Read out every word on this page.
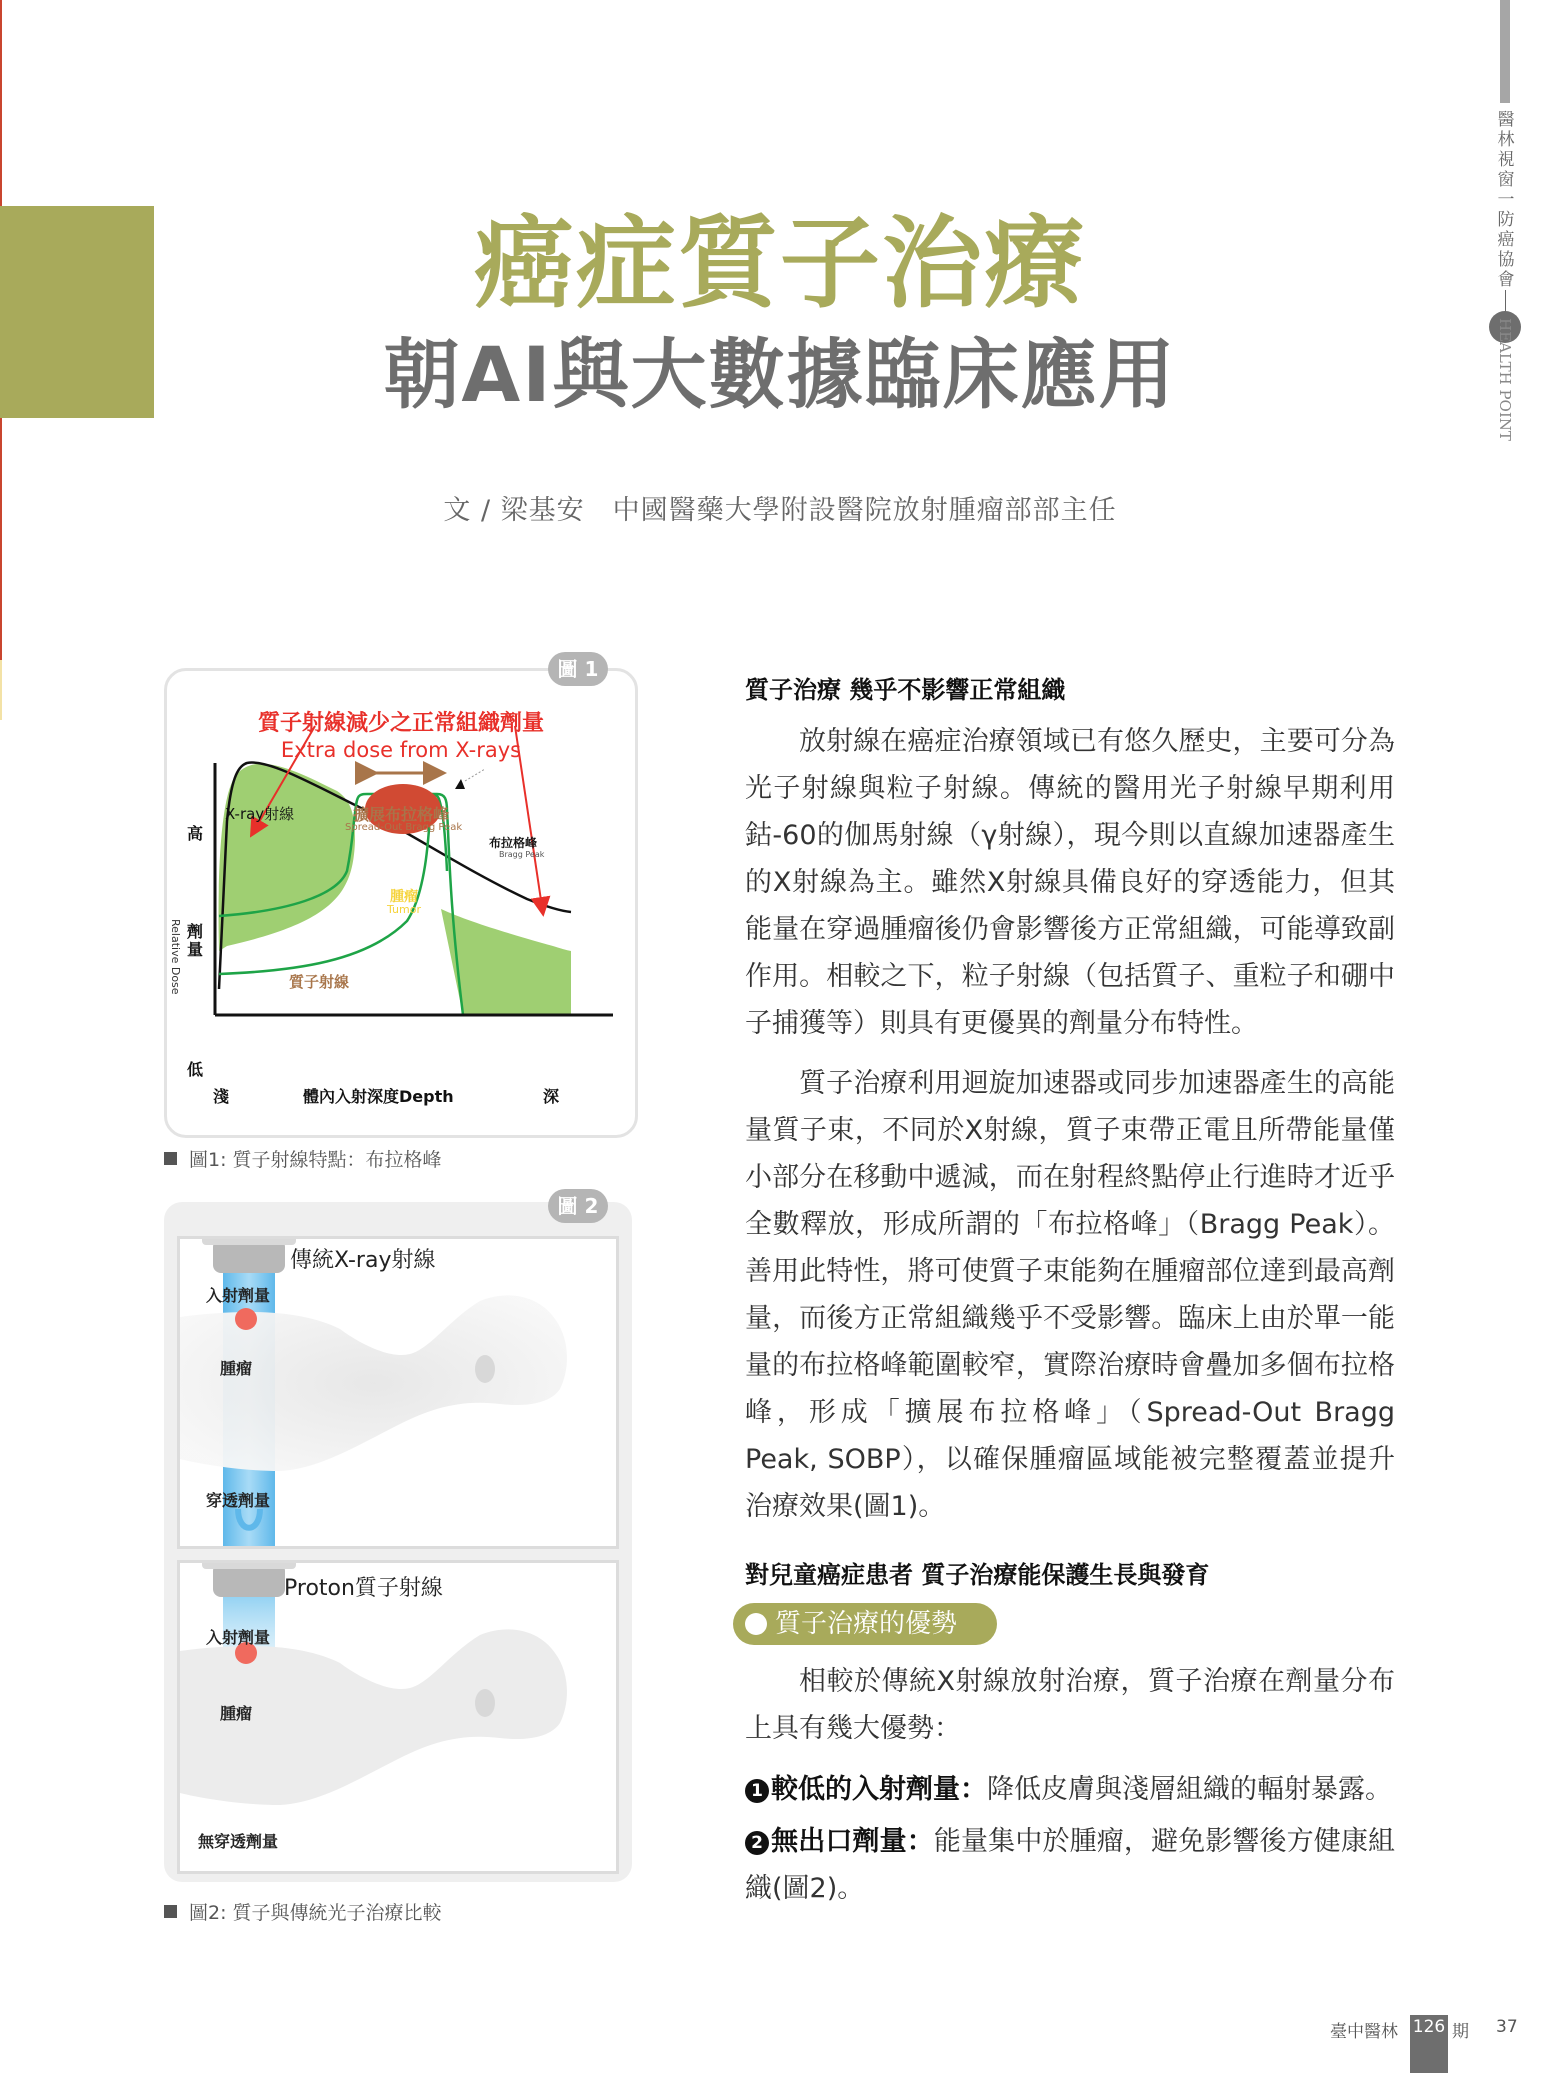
醫
林
視
窗
一
防
癌
協
會
HEALTH POINT
癌症質子治療
朝AI與大數據臨床應用
文 / 梁基安　中國醫藥大學附設醫院放射腫瘤部部主任
質子射線減少之正常組織劑量
Extra dose from X-rays
X-ray射線	擴展布拉格峰
Spread-Out Bragg Peak
布拉格峰
Bragg Peak
腫瘤
Tumor
質子射線
高
低
劑量
Relative Dose
淺	體內入射深度Depth	深
圖 1
圖1: 質子射線特點：布拉格峰
圖 2
傳統X-ray射線
入射劑量
腫瘤
穿透劑量
Proton質子射線
入射劑量
腫瘤
無穿透劑量
圖2: 質子與傳統光子治療比較
質子治療 幾乎不影響正常組織

放射線在癌症治療領域已有悠久歷史，主要可分為光子射線與粒子射線。傳統的醫用光子射線早期利用鈷-60的伽馬射線（γ射線），現今則以直線加速器產生的X射線為主。雖然X射線具備良好的穿透能力，但其能量在穿過腫瘤後仍會影響後方正常組織，可能導致副作用。相較之下，粒子射線（包括質子、重粒子和硼中子捕獲等）則具有更優異的劑量分布特性。

質子治療利用迴旋加速器或同步加速器產生的高能量質子束，不同於X射線，質子束帶正電且所帶能量僅小部分在移動中遞減，而在射程終點停止行進時才近乎全數釋放，形成所謂的「布拉格峰」（Bragg Peak）。善用此特性，將可使質子束能夠在腫瘤部位達到最高劑量，而後方正常組織幾乎不受影響。臨床上由於單一能量的布拉格峰範圍較窄，實際治療時會疊加多個布拉格峰，形成「擴展布拉格峰」（Spread-Out Bragg Peak, SOBP），以確保腫瘤區域能被完整覆蓋並提升治療效果(圖1)。

對兒童癌症患者 質子治療能保護生長與發育
質子治療的優勢

相較於傳統X射線放射治療，質子治療在劑量分布上具有幾大優勢：

1 較低的入射劑量：降低皮膚與淺層組織的輻射暴露。
2 無出口劑量：能量集中於腫瘤，避免影響後方健康組織(圖2)。
臺中醫林 126 期 37
